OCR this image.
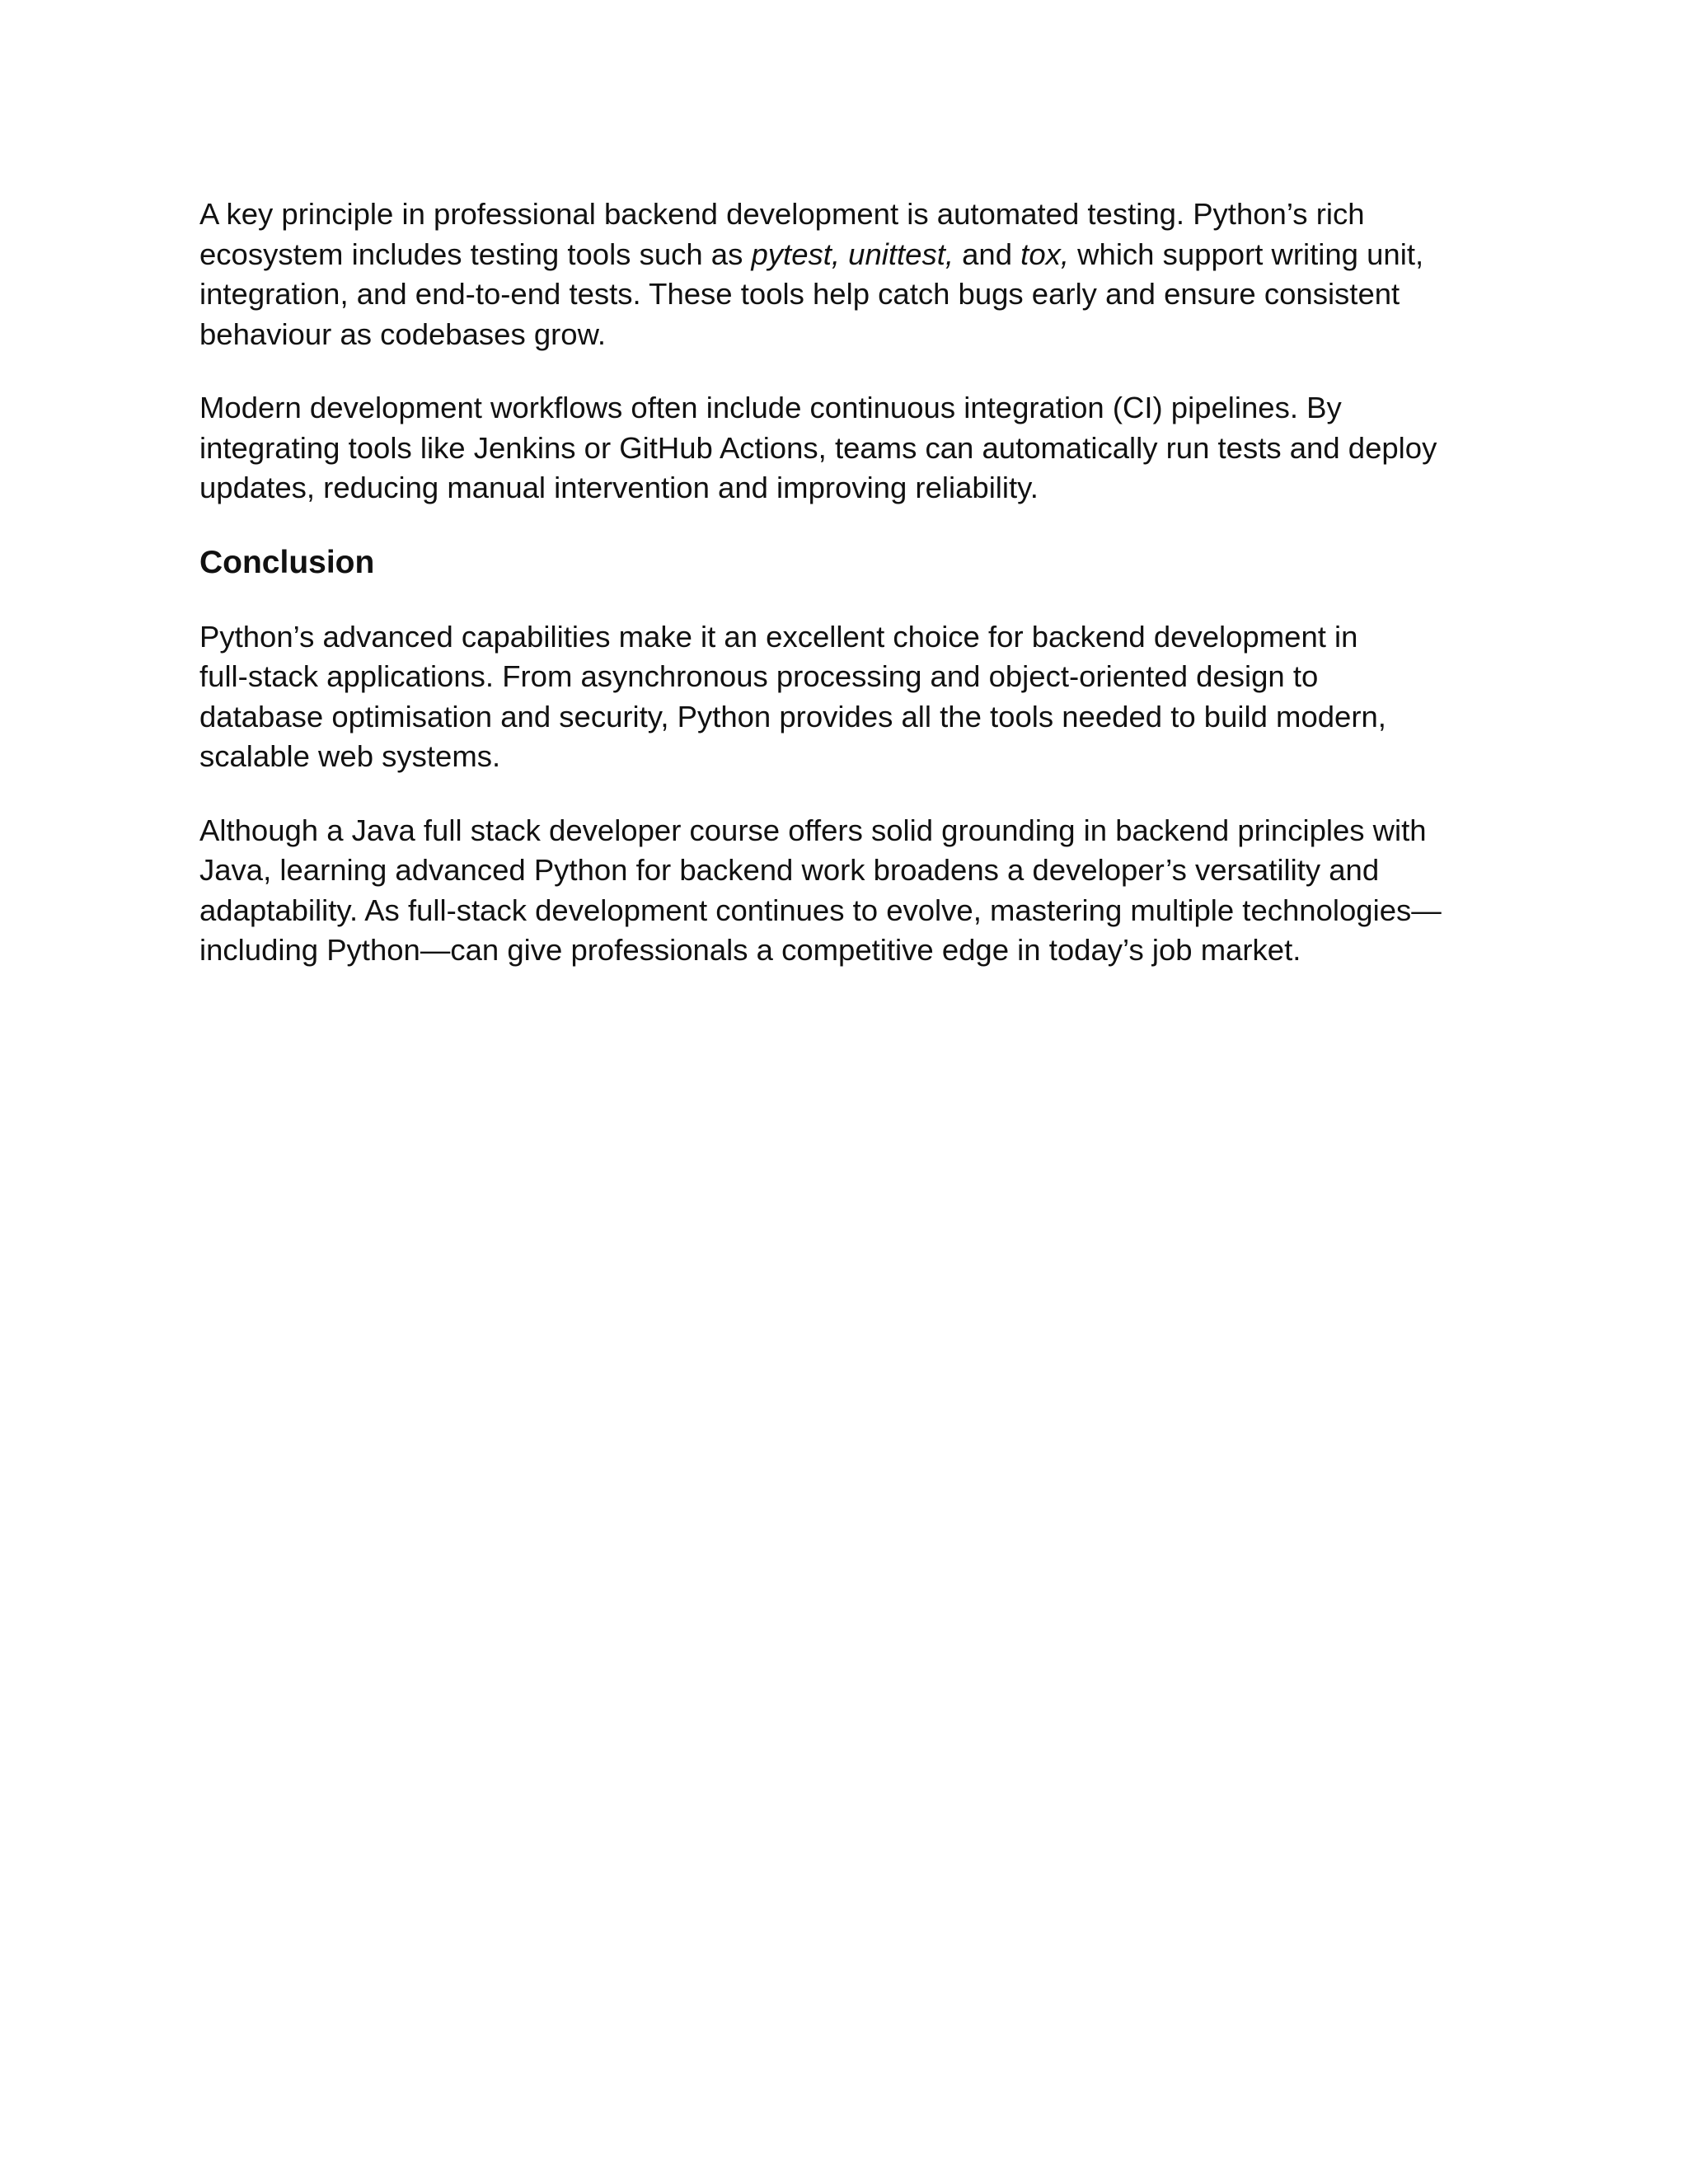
A key principle in professional backend development is automated testing. Python’s rich
ecosystem includes testing tools such as pytest, unittest, and tox, which support writing unit,
integration, and end-to-end tests. These tools help catch bugs early and ensure consistent
behaviour as codebases grow.

Modern development workflows often include continuous integration (CI) pipelines. By
integrating tools like Jenkins or GitHub Actions, teams can automatically run tests and deploy
updates, reducing manual intervention and improving reliability.

Conclusion

Python’s advanced capabilities make it an excellent choice for backend development in
full-stack applications. From asynchronous processing and object-oriented design to
database optimisation and security, Python provides all the tools needed to build modern,
scalable web systems.

Although a Java full stack developer course offers solid grounding in backend principles with
Java, learning advanced Python for backend work broadens a developer’s versatility and
adaptability. As full-stack development continues to evolve, mastering multiple technologies—
including Python—can give professionals a competitive edge in today’s job market.
